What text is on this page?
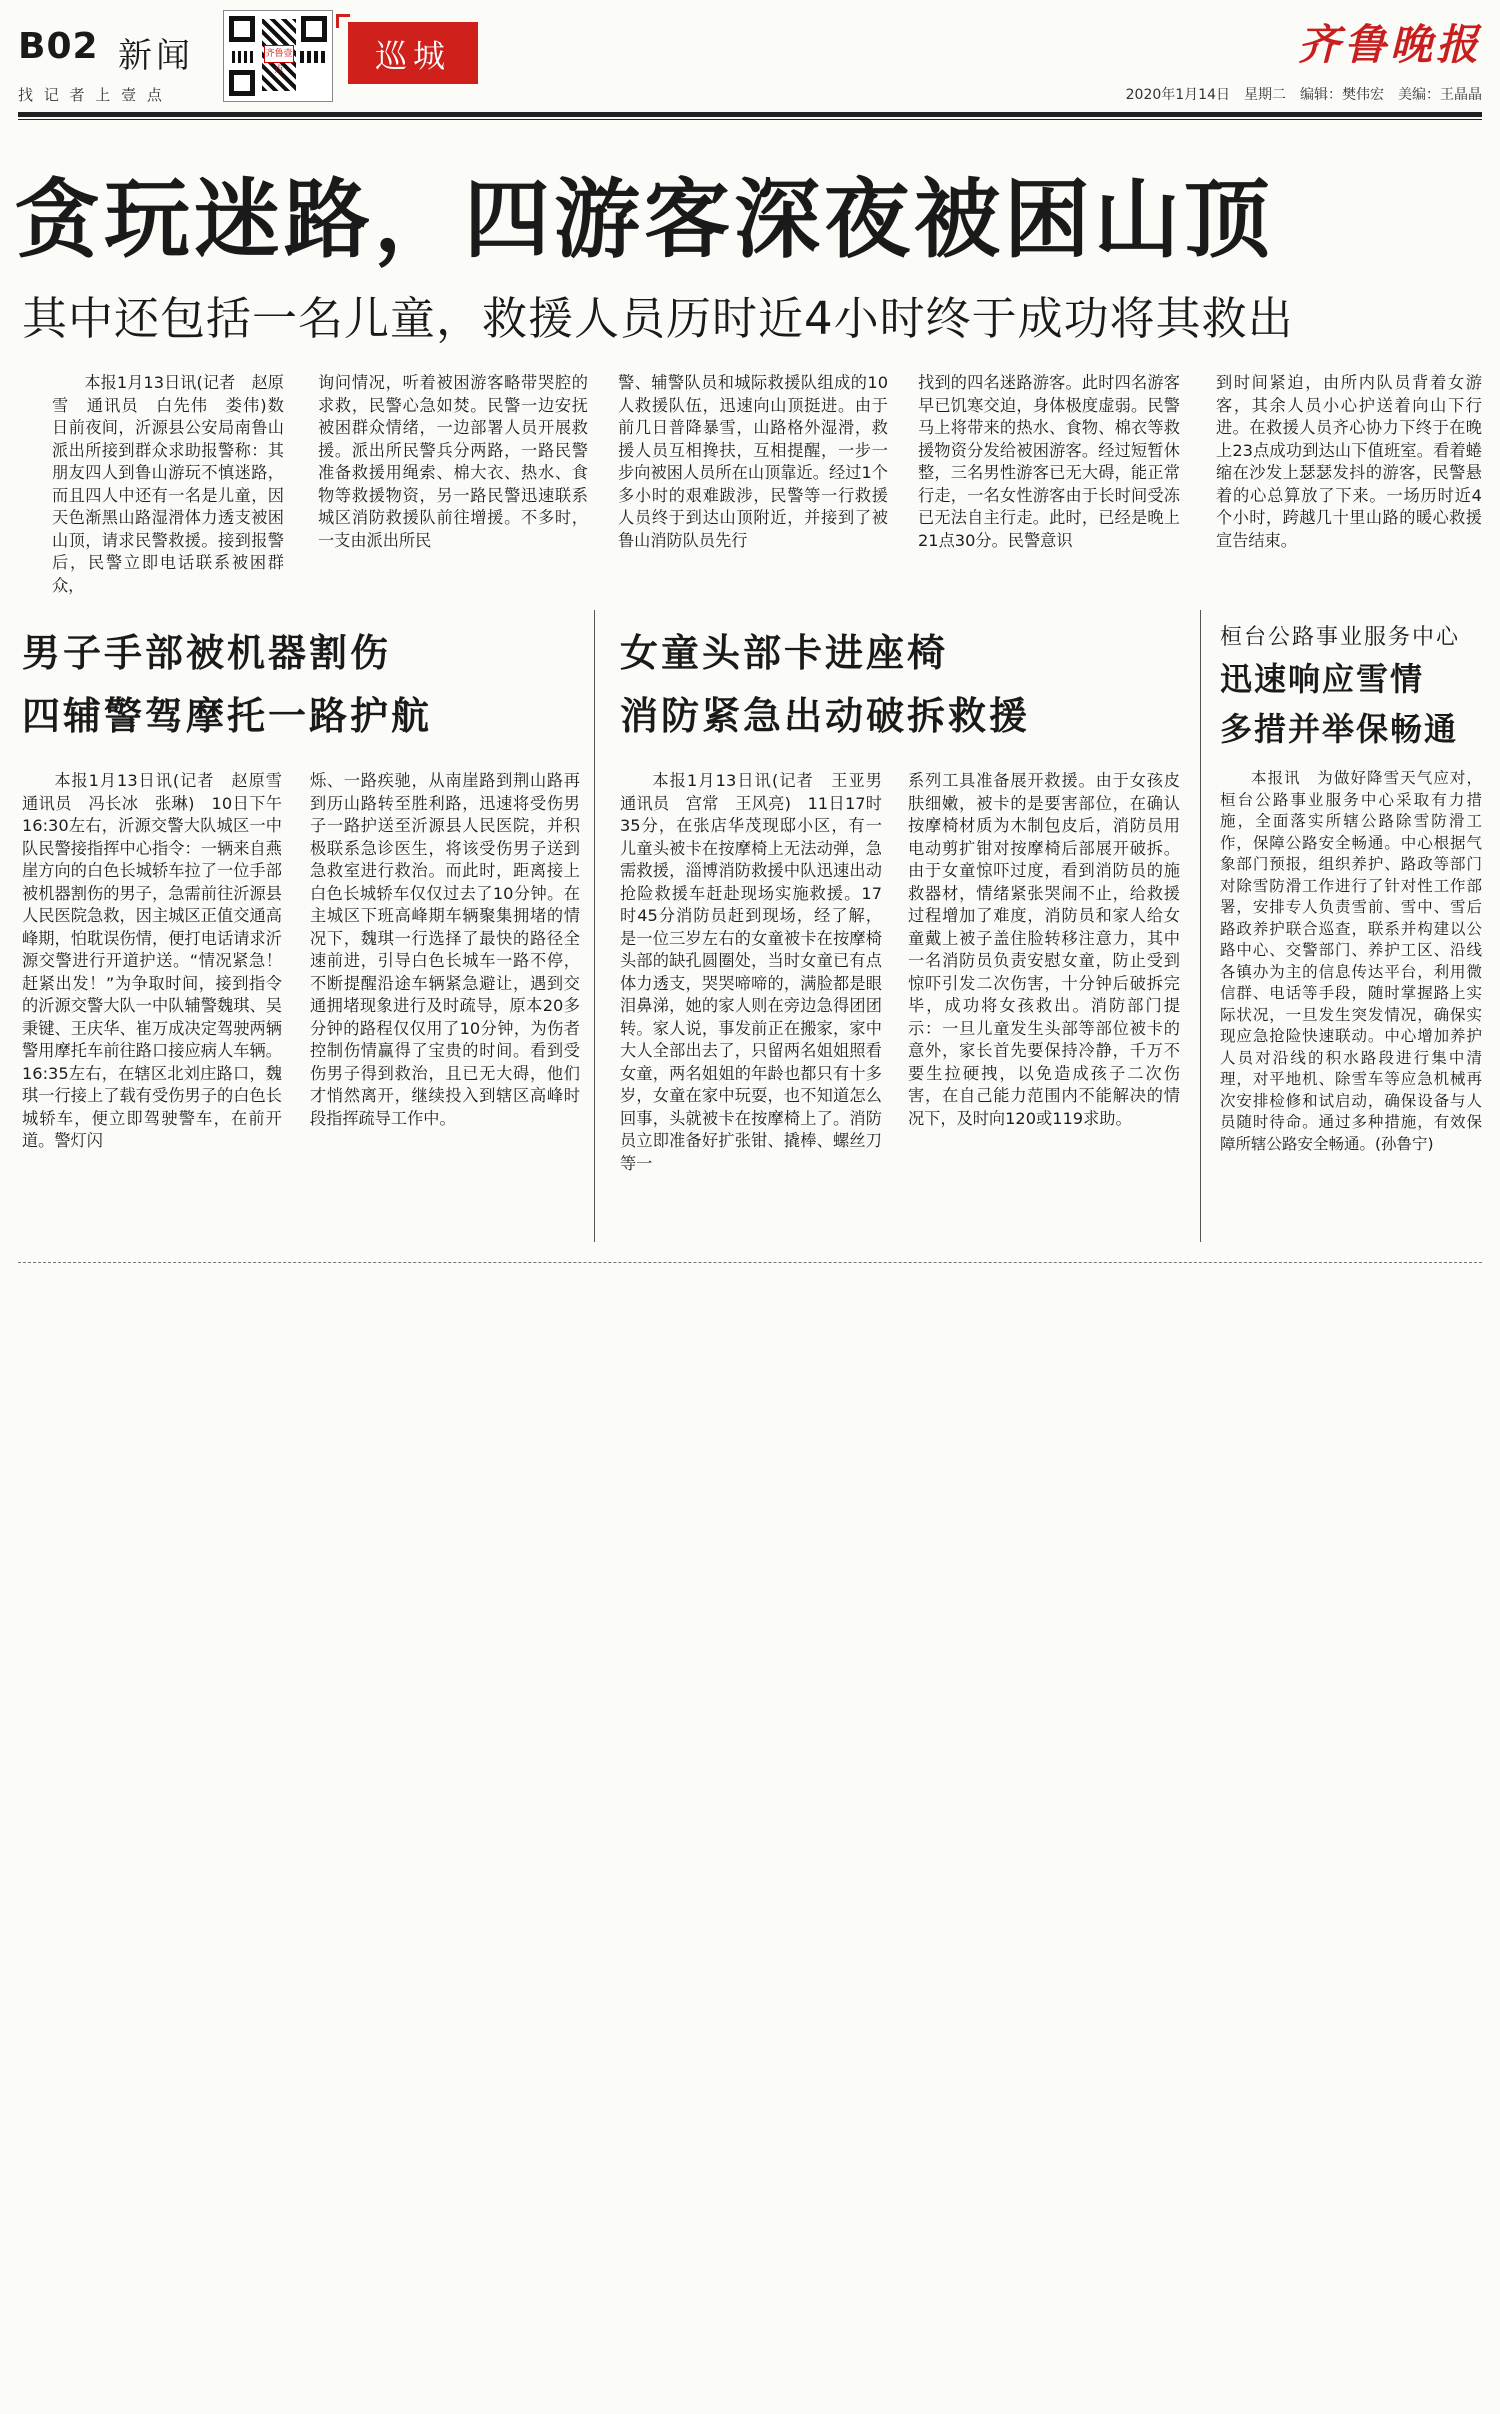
B02 新闻
找 记 者 上 壹 点
齐鲁壹点	巡城	齐鲁晚报
2020年1月14日 星期二 编辑：樊伟宏 美编：王晶晶
贪玩迷路，四游客深夜被困山顶
其中还包括一名儿童，救援人员历时近4小时终于成功将其救出

本报1月13日讯(记者　赵原雪　通讯员　白先伟　娄伟)数日前夜间，沂源县公安局南鲁山派出所接到群众求助报警称：其朋友四人到鲁山游玩不慎迷路，而且四人中还有一名是儿童，因天色渐黑山路湿滑体力透支被困山顶，请求民警救援。接到报警后，民警立即电话联系被困群众，

询问情况，听着被困游客略带哭腔的求救，民警心急如焚。民警一边安抚被困群众情绪，一边部署人员开展救援。派出所民警兵分两路，一路民警准备救援用绳索、棉大衣、热水、食物等救援物资，另一路民警迅速联系城区消防救援队前往增援。不多时，一支由派出所民

警、辅警队员和城际救援队组成的10人救援队伍，迅速向山顶挺进。由于前几日普降暴雪，山路格外湿滑，救援人员互相搀扶，互相提醒，一步一步向被困人员所在山顶靠近。经过1个多小时的艰难跋涉，民警等一行救援人员终于到达山顶附近，并接到了被鲁山消防队员先行

找到的四名迷路游客。此时四名游客早已饥寒交迫，身体极度虚弱。民警马上将带来的热水、食物、棉衣等救援物资分发给被困游客。经过短暂休整，三名男性游客已无大碍，能正常行走，一名女性游客由于长时间受冻已无法自主行走。此时，已经是晚上21点30分。民警意识

到时间紧迫，由所内队员背着女游客，其余人员小心护送着向山下行进。在救援人员齐心协力下终于在晚上23点成功到达山下值班室。看着蜷缩在沙发上瑟瑟发抖的游客，民警悬着的心总算放了下来。一场历时近4个小时，跨越几十里山路的暖心救援宣告结束。

男子手部被机器割伤
四辅警驾摩托一路护航

本报1月13日讯(记者　赵原雪　通讯员　冯长冰　张琳)　10日下午16:30左右，沂源交警大队城区一中队民警接指挥中心指令：一辆来自燕崖方向的白色长城轿车拉了一位手部被机器割伤的男子，急需前往沂源县人民医院急救，因主城区正值交通高峰期，怕耽误伤情，便打电话请求沂源交警进行开道护送。“情况紧急！赶紧出发！”为争取时间，接到指令的沂源交警大队一中队辅警魏琪、吴秉键、王庆华、崔万成决定驾驶两辆警用摩托车前往路口接应病人车辆。16:35左右，在辖区北刘庄路口，魏琪一行接上了载有受伤男子的白色长城轿车，便立即驾驶警车，在前开道。警灯闪

烁、一路疾驰，从南崖路到荆山路再到历山路转至胜利路，迅速将受伤男子一路护送至沂源县人民医院，并积极联系急诊医生，将该受伤男子送到急救室进行救治。而此时，距离接上白色长城轿车仅仅过去了10分钟。在主城区下班高峰期车辆聚集拥堵的情况下，魏琪一行选择了最快的路径全速前进，引导白色长城车一路不停，不断提醒沿途车辆紧急避让，遇到交通拥堵现象进行及时疏导，原本20多分钟的路程仅仅用了10分钟，为伤者控制伤情赢得了宝贵的时间。看到受伤男子得到救治，且已无大碍，他们才悄然离开，继续投入到辖区高峰时段指挥疏导工作中。

女童头部卡进座椅
消防紧急出动破拆救援

本报1月13日讯(记者　王亚男　通讯员　宫常　王风亮)　11日17时35分，在张店华茂现邸小区，有一儿童头被卡在按摩椅上无法动弹，急需救援，淄博消防救援中队迅速出动抢险救援车赶赴现场实施救援。17时45分消防员赶到现场，经了解，是一位三岁左右的女童被卡在按摩椅头部的缺孔圆圈处，当时女童已有点体力透支，哭哭啼啼的，满脸都是眼泪鼻涕，她的家人则在旁边急得团团转。家人说，事发前正在搬家，家中大人全部出去了，只留两名姐姐照看女童，两名姐姐的年龄也都只有十多岁，女童在家中玩耍，也不知道怎么回事，头就被卡在按摩椅上了。消防员立即准备好扩张钳、撬棒、螺丝刀等一

系列工具准备展开救援。由于女孩皮肤细嫩，被卡的是要害部位，在确认按摩椅材质为木制包皮后，消防员用电动剪扩钳对按摩椅后部展开破拆。由于女童惊吓过度，看到消防员的施救器材，情绪紧张哭闹不止，给救援过程增加了难度，消防员和家人给女童戴上被子盖住脸转移注意力，其中一名消防员负责安慰女童，防止受到惊吓引发二次伤害，十分钟后破拆完毕，成功将女孩救出。消防部门提示：一旦儿童发生头部等部位被卡的意外，家长首先要保持冷静，千万不要生拉硬拽，以免造成孩子二次伤害，在自己能力范围内不能解决的情况下，及时向120或119求助。

桓台公路事业服务中心
迅速响应雪情
多措并举保畅通

本报讯　为做好降雪天气应对，桓台公路事业服务中心采取有力措施，全面落实所辖公路除雪防滑工作，保障公路安全畅通。中心根据气象部门预报，组织养护、路政等部门对除雪防滑工作进行了针对性工作部署，安排专人负责雪前、雪中、雪后路政养护联合巡查，联系并构建以公路中心、交警部门、养护工区、沿线各镇办为主的信息传达平台，利用微信群、电话等手段，随时掌握路上实际状况，一旦发生突发情况，确保实现应急抢险快速联动。中心增加养护人员对沿线的积水路段进行集中清理，对平地机、除雪车等应急机械再次安排检修和试启动，确保设备与人员随时待命。通过多种措施，有效保障所辖公路安全畅通。(孙鲁宁)
